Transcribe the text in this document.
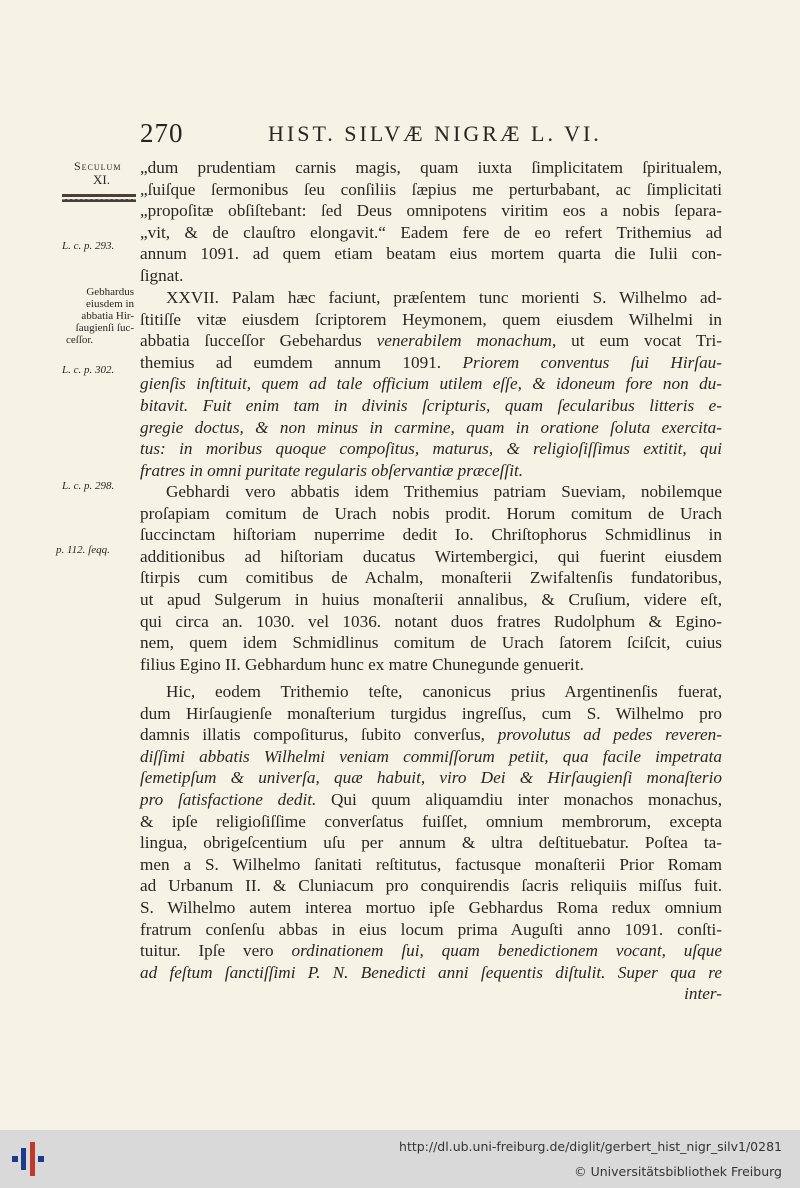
270	HIST. SILVÆ NIGRÆ L. VI.
Seculum
XI.
L. c. p. 293.
Gebhardus
eiusdem in
abbatia Hir-
ſaugienſi ſuc-
ceſſor.
L. c. p. 302.
L. c. p. 298.
p. 112. ſeqq.
„dum prudentiam carnis magis, quam iuxta ſimplicitatem ſpiritualem,
„ſuiſque ſermonibus ſeu conſiliis ſæpius me perturbabant, ac ſimplicitati
„propoſitæ obſiſtebant: ſed Deus omnipotens viritim eos a nobis ſepara-
„vit, & de clauſtro elongavit.“ Eadem fere de eo refert Trithemius ad
annum 1091. ad quem etiam beatam eius mortem quarta die Iulii con-
ſignat.
XXVII. Palam hæc faciunt, præſentem tunc morienti S. Wilhelmo ad-
ſtitiſſe vitæ eiusdem ſcriptorem Heymonem, quem eiusdem Wilhelmi in
abbatia ſucceſſor Gebehardus venerabilem monachum, ut eum vocat Tri-
themius ad eumdem annum 1091. Priorem conventus ſui Hirſau-
gienſis inſtituit, quem ad tale officium utilem eſſe, & idoneum fore non du-
bitavit. Fuit enim tam in divinis ſcripturis, quam ſecularibus litteris e-
gregie doctus, & non minus in carmine, quam in oratione ſoluta exercita-
tus: in moribus quoque compoſitus, maturus, & religioſiſſimus extitit, qui
fratres in omni puritate regularis obſervantiæ præceſſit.
Gebhardi vero abbatis idem Trithemius patriam Sueviam, nobilemque
proſapiam comitum de Urach nobis prodit. Horum comitum de Urach
ſuccinctam hiſtoriam nuperrime dedit Io. Chriſtophorus Schmidlinus in
additionibus ad hiſtoriam ducatus Wirtembergici, qui fuerint eiusdem
ſtirpis cum comitibus de Achalm, monaſterii Zwifaltenſis fundatoribus,
ut apud Sulgerum in huius monaſterii annalibus, & Cruſium, videre eſt,
qui circa an. 1030. vel 1036. notant duos fratres Rudolphum & Egino-
nem, quem idem Schmidlinus comitum de Urach ſatorem ſciſcit, cuius
filius Egino II. Gebhardum hunc ex matre Chunegunde genuerit.
Hic, eodem Trithemio teſte, canonicus prius Argentinenſis fuerat,
dum Hirſaugienſe monaſterium turgidus ingreſſus, cum S. Wilhelmo pro
damnis illatis compoſiturus, ſubito converſus, provolutus ad pedes reveren-
diſſimi abbatis Wilhelmi veniam commiſſorum petiit, qua facile impetrata
ſemetipſum & univerſa, quæ habuit, viro Dei & Hirſaugienſi monaſterio
pro ſatisfactione dedit. Qui quum aliquamdiu inter monachos monachus,
& ipſe religioſiſſime converſatus fuiſſet, omnium membrorum, excepta
lingua, obrigeſcentium uſu per annum & ultra deſtituebatur. Poſtea ta-
men a S. Wilhelmo ſanitati reſtitutus, factusque monaſterii Prior Romam
ad Urbanum II. & Cluniacum pro conquirendis ſacris reliquiis miſſus fuit.
S. Wilhelmo autem interea mortuo ipſe Gebhardus Roma redux omnium
fratrum conſenſu abbas in eius locum prima Auguſti anno 1091. conſti-
tuitur. Ipſe vero ordinationem ſui, quam benedictionem vocant, uſque
ad feſtum ſanctiſſimi P. N. Benedicti anni ſequentis diſtulit. Super qua re
inter-
http://dl.ub.uni-freiburg.de/diglit/gerbert_hist_nigr_silv1/0281
© Universitätsbibliothek Freiburg
